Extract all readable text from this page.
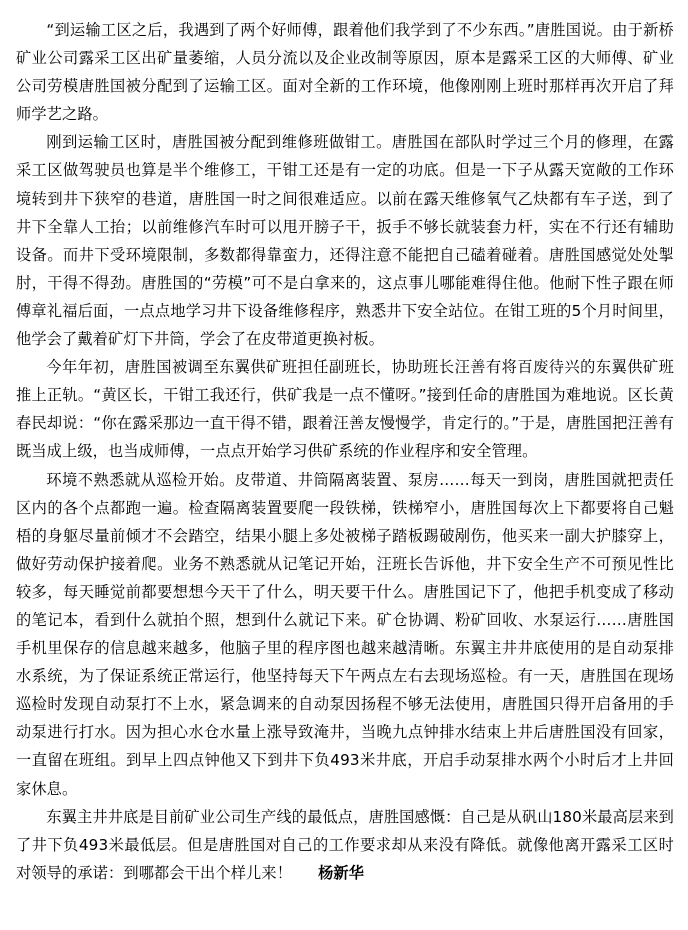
“到运输工区之后，我遇到了两个好师傅，跟着他们我学到了不少东西。”唐胜国说。由于新桥矿业公司露采工区出矿量萎缩，人员分流以及企业改制等原因，原本是露采工区的大师傅、矿业公司劳模唐胜国被分配到了运输工区。面对全新的工作环境，他像刚刚上班时那样再次开启了拜师学艺之路。

刚到运输工区时，唐胜国被分配到维修班做钳工。唐胜国在部队时学过三个月的修理，在露采工区做驾驶员也算是半个维修工，干钳工还是有一定的功底。但是一下子从露天宽敞的工作环境转到井下狭窄的巷道，唐胜国一时之间很难适应。以前在露天维修氧气乙炔都有车子送，到了井下全靠人工抬；以前维修汽车时可以甩开膀子干，扳手不够长就装套力杆，实在不行还有辅助设备。而井下受环境限制，多数都得靠蛮力，还得注意不能把自己磕着碰着。唐胜国感觉处处掣肘，干得不得劲。唐胜国的“劳模”可不是白拿来的，这点事儿哪能难得住他。他耐下性子跟在师傅章礼福后面，一点点地学习井下设备维修程序，熟悉井下安全站位。在钳工班的5个月时间里，他学会了戴着矿灯下井筒，学会了在皮带道更换衬板。

今年年初，唐胜国被调至东翼供矿班担任副班长，协助班长汪善有将百废待兴的东翼供矿班推上正轨。“黄区长，干钳工我还行，供矿我是一点不懂呀。”接到任命的唐胜国为难地说。区长黄春民却说：“你在露采那边一直干得不错，跟着汪善友慢慢学，肯定行的。”于是，唐胜国把汪善有既当成上级，也当成师傅，一点点开始学习供矿系统的作业程序和安全管理。

环境不熟悉就从巡检开始。皮带道、井筒隔离装置、泵房……每天一到岗，唐胜国就把责任区内的各个点都跑一遍。检查隔离装置要爬一段铁梯，铁梯窄小，唐胜国每次上下都要将自己魁梧的身躯尽量前倾才不会踏空，结果小腿上多处被梯子踏板踢破剐伤，他买来一副大护膝穿上，做好劳动保护接着爬。业务不熟悉就从记笔记开始，汪班长告诉他，井下安全生产不可预见性比较多，每天睡觉前都要想想今天干了什么，明天要干什么。唐胜国记下了，他把手机变成了移动的笔记本，看到什么就拍个照，想到什么就记下来。矿仓协调、粉矿回收、水泵运行……唐胜国手机里保存的信息越来越多，他脑子里的程序图也越来越清晰。东翼主井井底使用的是自动泵排水系统，为了保证系统正常运行，他坚持每天下午两点左右去现场巡检。有一天，唐胜国在现场巡检时发现自动泵打不上水，紧急调来的自动泵因扬程不够无法使用，唐胜国只得开启备用的手动泵进行打水。因为担心水仓水量上涨导致淹井，当晚九点钟排水结束上井后唐胜国没有回家，一直留在班组。到早上四点钟他又下到井下负493米井底，开启手动泵排水两个小时后才上井回家休息。

东翼主井井底是目前矿业公司生产线的最低点，唐胜国感慨：自己是从矾山180米最高层来到了井下负493米最低层。但是唐胜国对自己的工作要求却从来没有降低。就像他离开露采工区时对领导的承诺：到哪都会干出个样儿来！ 杨新华
